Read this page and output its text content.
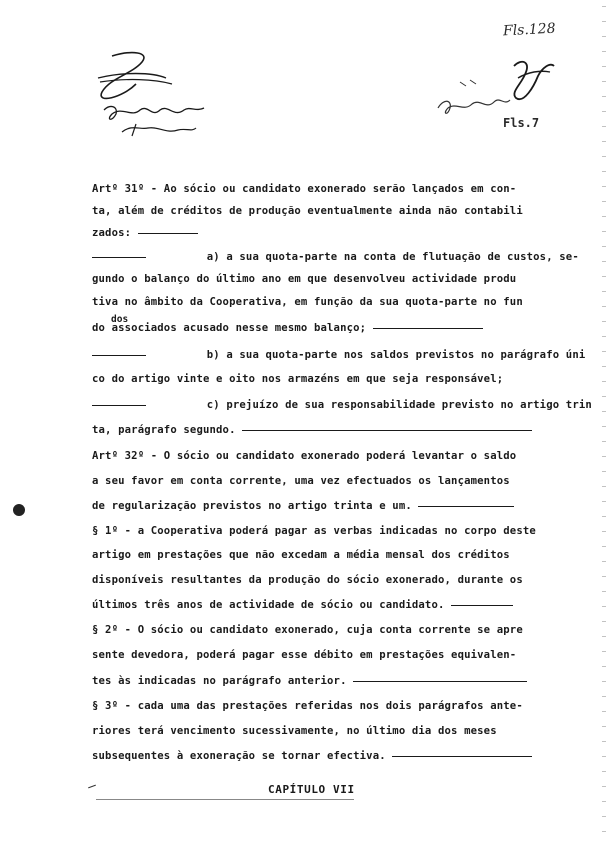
Fls.128
Fls.7
Artº 31º - Ao sócio ou candidato exonerado serão lançados em con-
ta, além de créditos de produção eventualmente ainda não contabili
zados:
a) a sua quota-parte na conta de flutuação de custos, se-
gundo o balanço do último ano em que desenvolveu actividade produ
tiva no âmbito da Cooperativa, em função da sua quota-parte no fun
dos
do associados acusado nesse mesmo balanço;
b) a sua quota-parte nos saldos previstos no parágrafo úni
co do artigo vinte e oito nos armazéns em que seja responsável;
c) prejuízo de sua responsabilidade previsto no artigo trin
ta, parágrafo segundo.
Artº 32º - O sócio ou candidato exonerado poderá levantar o saldo
a seu favor em conta corrente, uma vez efectuados os lançamentos
de regularização previstos no artigo trinta e um.
§ 1º - a Cooperativa poderá pagar as verbas indicadas no corpo deste
artigo em prestações que não excedam a média mensal dos créditos
disponíveis resultantes da produção do sócio exonerado, durante os
últimos três anos de actividade de sócio ou candidato.
§ 2º - O sócio ou candidato exonerado, cuja conta corrente se apre
sente devedora, poderá pagar esse débito em prestações equivalen-
tes às indicadas no parágrafo anterior.
§ 3º - cada uma das prestações referidas nos dois parágrafos ante-
riores terá vencimento sucessivamente, no último dia dos meses
subsequentes à exoneração se tornar efectiva.
CAPÍTULO VII
